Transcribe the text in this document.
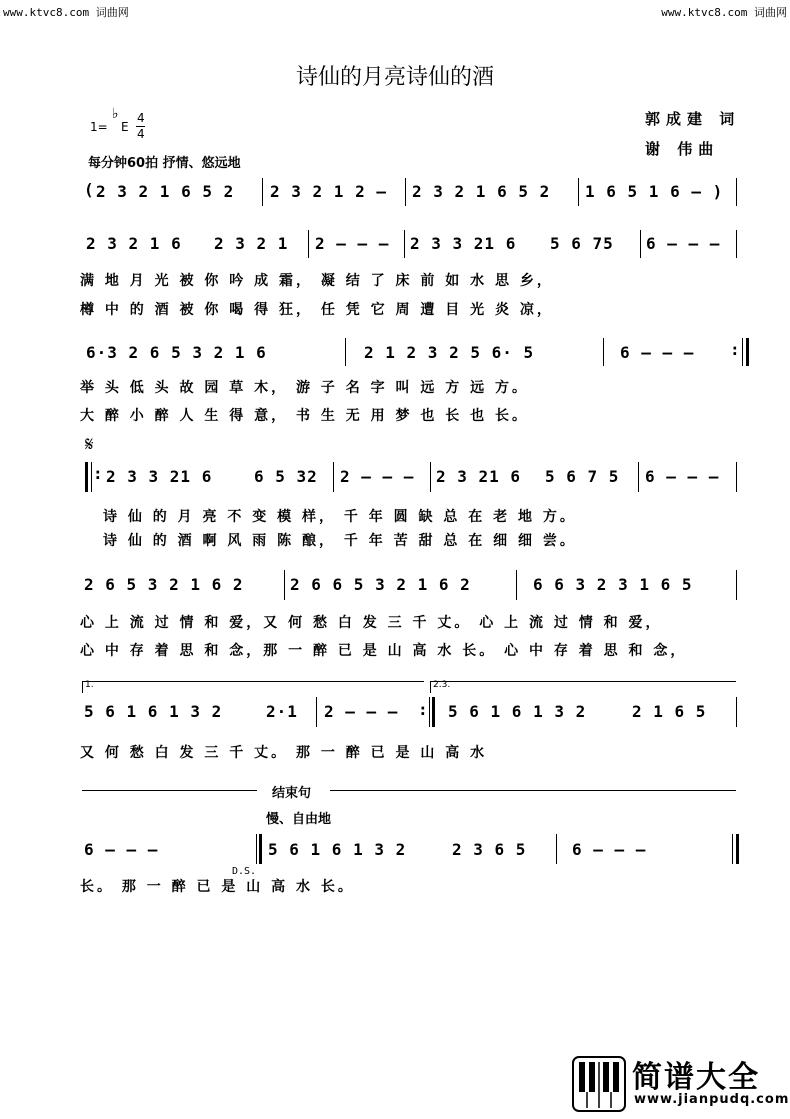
www.ktvc8.com 词曲网	www.ktvc8.com 词曲网
诗仙的月亮诗仙的酒
郭成建 词
谢 伟曲
1=
♭
E
4
4
每分钟60拍 抒情、悠远地
( 2 3 2 1 6 5 2 2 3 2 1 2 – 2 3 2 1 6 5 2 1 6 5 1 6 – )
2 3 2 1 6 2 3 2 1 2 – – – 2 3 3 21 6 5 6 75 6 – – –
满 地 月 光 被 你 吟 成 霜， 凝 结 了 床 前 如 水 思 乡，
樽 中 的 酒 被 你 喝 得 狂， 任 凭 它 周 遭 目 光 炎 凉，
6·3 2 6 5 3 2 1 6	2 1 2 3 2 5 6· 5	6 – – – :
举 头 低 头 故 园 草 木， 游 子 名 字 叫 远 方 远 方。
大 醉 小 醉 人 生 得 意， 书 生 无 用 梦 也 长 也 长。
𝄋
: 2 3 3 21 6	6 5 32 2 – – – 2 3 21 6 5 6 7 5 6 – – –
诗 仙 的 月 亮 不 变 模 样， 千 年 圆 缺 总 在 老 地 方。
诗 仙 的 酒 啊 风 雨 陈 酿， 千 年 苦 甜 总 在 细 细 尝。
2 6 5 3 2 1 6 2	2 6 6 5 3 2 1 6 2	6 6 3 2 3 1 6 5
心 上 流 过 情 和 爱，又 何 愁 白 发 三 千 丈。 心 上 流 过 情 和 爱，
心 中 存 着 思 和 念，那 一 醉 已 是 山 高 水 长。 心 中 存 着 思 和 念，
1.	2.3.
5 6 1 6 1 3 2	2·1 2 – – – : 5 6 1 6 1 3 2	2 1 6 5
又 何 愁 白 发 三 千 丈。 那 一 醉 已 是 山 高 水
结束句
慢、自由地
6 – – –
D.S.
5 6 1 6 1 3 2	2 3 6 5	6 – – –
长。 那 一 醉 已 是 山 高 水 长。
简谱大全
www.jianpudq.com
